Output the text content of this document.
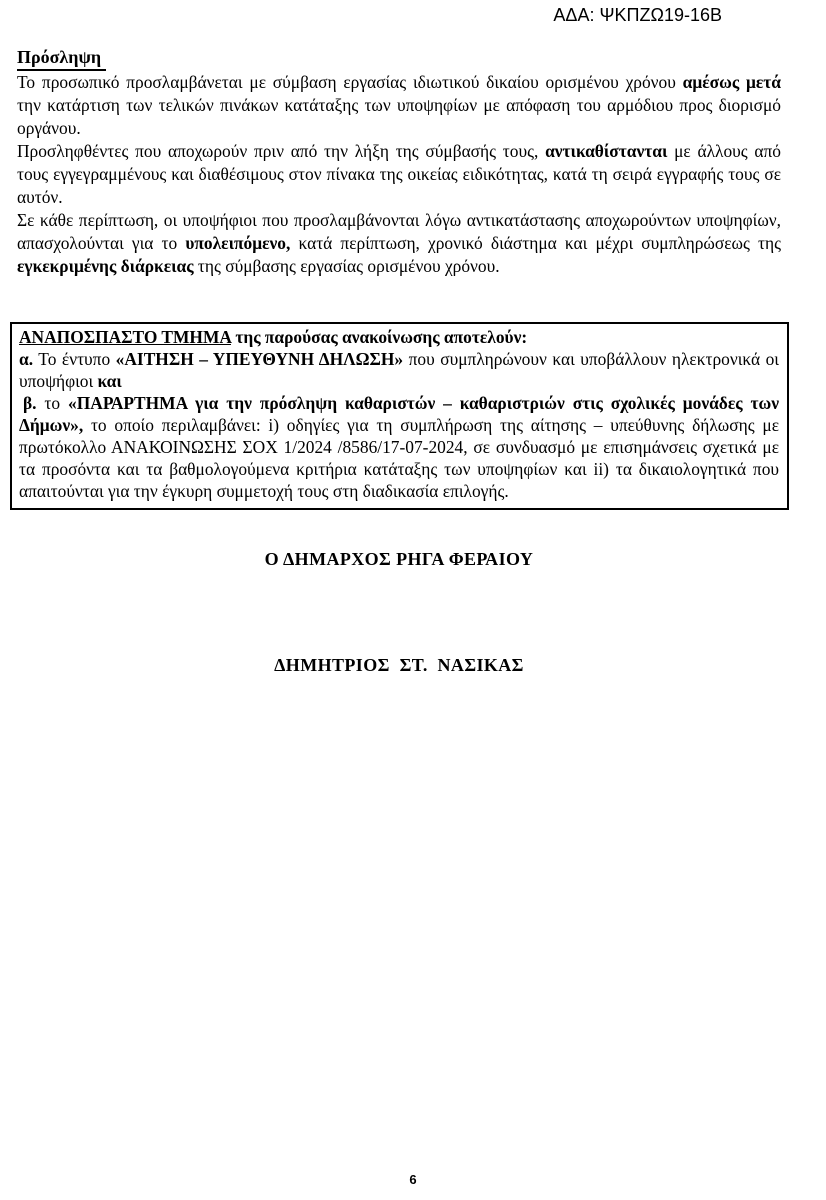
ΑΔΑ: ΨΚΠΖΩ19-16Β
Πρόσληψη

Το προσωπικό προσλαμβάνεται με σύμβαση εργασίας ιδιωτικού δικαίου ορισμένου χρόνου αμέσως μετά την κατάρτιση των τελικών πινάκων κατάταξης των υποψηφίων με απόφαση του αρμόδιου προς διορισμό οργάνου.

Προσληφθέντες που αποχωρούν πριν από την λήξη της σύμβασής τους, αντικαθίστανται με άλλους από τους εγγεγραμμένους και διαθέσιμους στον πίνακα της οικείας ειδικότητας, κατά τη σειρά εγγραφής τους σε αυτόν.

Σε κάθε περίπτωση, οι υποψήφιοι που προσλαμβάνονται λόγω αντικατάστασης αποχωρούντων υποψηφίων, απασχολούνται για το υπολειπόμενο, κατά περίπτωση, χρονικό διάστημα και μέχρι συμπληρώσεως της εγκεκριμένης διάρκειας της σύμβασης εργασίας ορισμένου χρόνου.

ΑΝΑΠΟΣΠΑΣΤΟ ΤΜΗΜΑ της παρούσας ανακοίνωσης αποτελούν:

α. Το έντυπο «ΑΙΤΗΣΗ – ΥΠΕΥΘΥΝΗ ΔΗΛΩΣΗ» που συμπληρώνουν και υποβάλλουν ηλεκτρονικά οι υποψήφιοι και

β. το «ΠΑΡΑΡΤΗΜΑ για την πρόσληψη καθαριστών – καθαριστριών στις σχολικές μονάδες των Δήμων», το οποίο περιλαμβάνει: i) οδηγίες για τη συμπλήρωση της αίτησης – υπεύθυνης δήλωσης με πρωτόκολλο ΑΝΑΚΟΙΝΩΣΗΣ ΣΟΧ 1/2024 /8586/17-07-2024, σε συνδυασμό με επισημάνσεις σχετικά με τα προσόντα και τα βαθμολογούμενα κριτήρια κατάταξης των υποψηφίων και ii) τα δικαιολογητικά που απαιτούνται για την έγκυρη συμμετοχή τους στη διαδικασία επιλογής.

Ο ΔΗΜΑΡΧΟΣ ΡΗΓΑ ΦΕΡΑΙΟΥ
ΔΗΜΗΤΡΙΟΣ  ΣΤ.  ΝΑΣΙΚΑΣ
6
